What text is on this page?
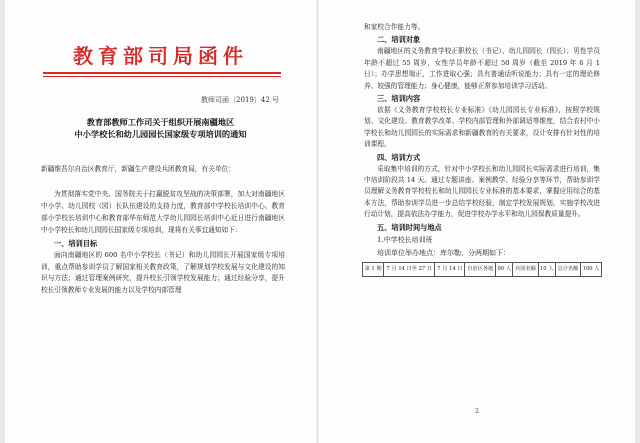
教育部司局函件
教师司函〔2019〕42 号
教育部教师工作司关于组织开展南疆地区
中小学校长和幼儿园园长国家级专项培训的通知
新疆维吾尔自治区教育厅，新疆生产建设兵团教育局，有关单位：

为贯彻落实党中央、国务院关于打赢脱贫攻坚战的决策部署，加大对南疆地区中小学、幼儿园校（园）长队伍建设的支持力度，教育部中学校长培训中心、教育部小学校长培训中心和教育部华东师范大学幼儿园园长培训中心近日进行南疆地区中小学校长和幼儿园园长国家级专项培训，现将有关事宜通知如下：

一、培训目标

面向南疆地区的 600 名中小学校长（书记）和幼儿园园长开展国家级专项培训，重点帮助参训学员了解国家相关教育政策，了解规划学校发展与文化建设的知识与方法；通过管理案例研究，提升校长引领学校发展能力；通过经验分享，提升校长引领教师专业发展的能力以及学校内部管理

和家校合作能力等。

二、培训对象

南疆地区的义务教育学校正职校长（书记）、幼儿园园长（园长）；男性学员年龄不超过 55 周岁，女性学员年龄不超过 50 周岁（截至 2019 年 6 月 1 日）；办学思想端正，工作进取心强；具有普通话听说能力；具有一定的理论修养、较强的管理能力；身心健康，能够正常参加培训学习活动。

三、培训内容

依据《义务教育学校校长专业标准》《幼儿园园长专业标准》，按照学校规划、文化建设、教育教学改革、学校内部管理和外部调适等维度，结合农村中小学校长和幼儿园园长的实际需求和新疆教育的有关要求，设计安排有针对性的培训课程。

四、培训方式

采取集中培训的方式，针对中小学校长和幼儿园园长实际需求进行培训，集中培训阶段共 14 天。通过专题讲座、案例教学、经验分享等环节，帮助参训学员理解义务教育学校校长和幼儿园园长专业标准的基本要求，掌握应用综合的基本方法，帮助参训学员进一步总结学校经验，制定学校发展规划，实施学校改进行动计划，提高依法办学能力，促进学校办学水平和幼儿园保教质量提升。

五、培训时间与地点
1.中学校长培训班
培训单位举办地点：库尔勒，分两期如下：
第 1 期	7 月 14 日至 27 日	7 月 14 日	自治区各地	90 人	兵团名额	10 人	总计名额	100 人
2
